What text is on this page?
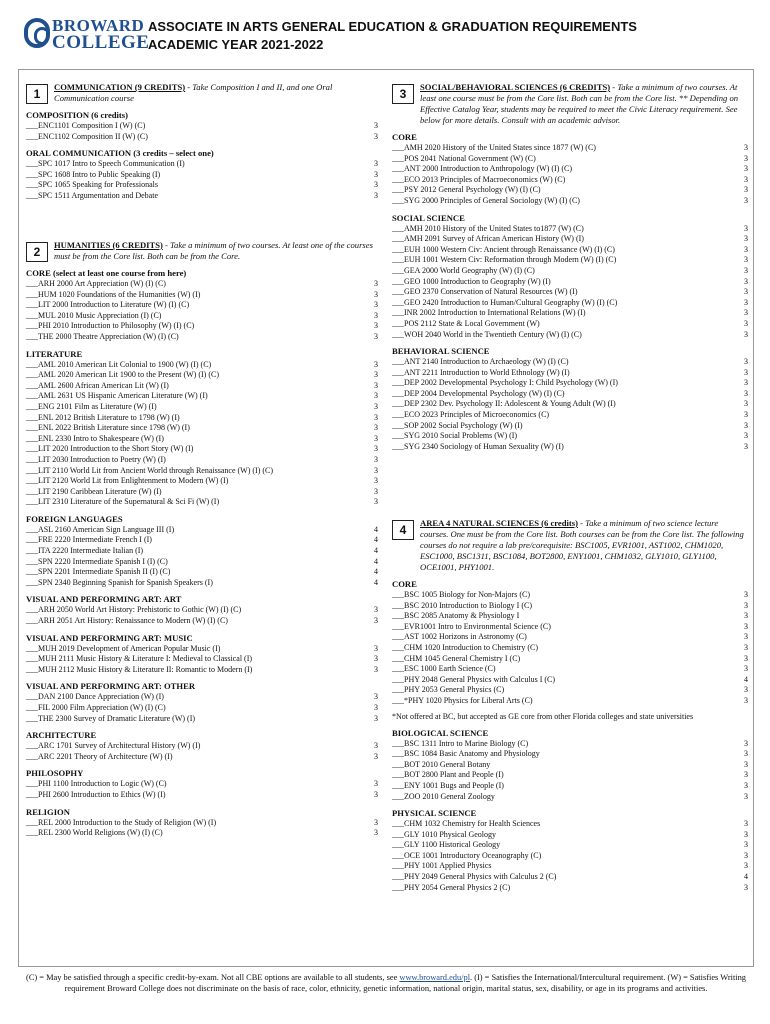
BROWARD
COLLEGE
ASSOCIATE IN ARTS GENERAL EDUCATION & GRADUATION REQUIREMENTS
ACADEMIC YEAR 2021-2022
1	COMMUNICATION (9 CREDITS) - Take Composition I and II, and one Oral Communication course
COMPOSITION (6 credits)
___ENC1101 Composition I (W) (C)	3
___ENC1102 Composition II (W) (C)	3
ORAL COMMUNICATION (3 credits – select one)
___SPC 1017 Intro to Speech Communication (I)	3
___SPC 1608 Intro to Public Speaking (I)	3
___SPC 1065 Speaking for Professionals	3
___SPC 1511 Argumentation and Debate	3
2	HUMANITIES (6 CREDITS) - Take a minimum of two courses. At least one of the courses must be from the Core list. Both can be from the Core.
CORE (select at least one course from here)
___ARH 2000 Art Appreciation (W) (I) (C)	3
___HUM 1020 Foundations of the Humanities (W) (I)	3
___LIT 2000 Introduction to Literature (W) (I) (C)	3
___MUL 2010 Music Appreciation (I) (C)	3
___PHI 2010 Introduction to Philosophy (W) (I) (C)	3
___THE 2000 Theatre Appreciation (W) (I) (C)	3
LITERATURE
___AML 2010 American Lit Colonial to 1900 (W) (I) (C)	3
___AML 2020 American Lit 1900 to the Present (W) (I) (C)	3
___AML 2600 African American Lit (W) (I)	3
___AML 2631 US Hispanic American Literature (W) (I)	3
___ENG 2101 Film as Literature (W) (I)	3
___ENL 2012 British Literature to 1798 (W) (I)	3
___ENL 2022 British Literature since 1798 (W) (I)	3
___ENL 2330 Intro to Shakespeare (W) (I)	3
___LIT 2020 Introduction to the Short Story (W) (I)	3
___LIT 2030 Introduction to Poetry (W) (I)	3
___LIT 2110 World Lit from Ancient World through Renaissance (W) (I) (C)	3
___LIT 2120 World Lit from Enlightenment to Modern (W) (I)	3
___LIT 2190 Caribbean Literature (W) (I)	3
___LIT 2310 Literature of the Supernatural & Sci Fi (W) (I)	3
FOREIGN LANGUAGES
___ASL 2160 American Sign Language III (I)	4
___FRE 2220 Intermediate French I (I)	4
___ITA 2220 Intermediate Italian (I)	4
___SPN 2220 Intermediate Spanish I (I) (C)	4
___SPN 2201 Intermediate Spanish II (I) (C)	4
___SPN 2340 Beginning Spanish for Spanish Speakers (I)	4
VISUAL AND PERFORMING ART: ART
___ARH 2050 World Art History: Prehistoric to Gothic (W) (I) (C)	3
___ARH 2051 Art History: Renaissance to Modern (W) (I) (C)	3
VISUAL AND PERFORMING ART: MUSIC
___MUH 2019 Development of American Popular Music (I)	3
___MUH 2111 Music History & Literature I: Medieval to Classical (I)	3
___MUH 2112 Music History & Literature II: Romantic to Modern (I)	3
VISUAL AND PERFORMING ART: OTHER
___DAN 2100 Dance Appreciation (W) (I)	3
___FIL 2000 Film Appreciation (W) (I) (C)	3
___THE 2300 Survey of Dramatic Literature (W) (I)	3
ARCHITECTURE
___ARC 1701 Survey of Architectural History (W) (I)	3
___ARC 2201 Theory of Architecture (W) (I)	3
PHILOSOPHY
___PHI 1100 Introduction to Logic (W) (C)	3
___PHI 2600 Introduction to Ethics (W) (I)	3
RELIGION
___REL 2000 Introduction to the Study of Religion (W) (I)	3
___REL 2300 World Religions (W) (I) (C)	3
3	SOCIAL/BEHAVIORAL SCIENCES (6 CREDITS) - Take a minimum of two courses. At least one course must be from the Core list. Both can be from the Core list. ** Depending on Effective Catalog Year, students may be required to meet the Civic Literacy requirement. See below for more details. Consult with an academic advisor.
CORE
___AMH 2020 History of the United States since 1877 (W) (C)	3
___POS 2041 National Government (W) (C)	3
___ANT 2000 Introduction to Anthropology (W) (I) (C)	3
___ECO 2013 Principles of Macroeconomics (W) (C)	3
___PSY 2012 General Psychology (W) (I) (C)	3
___SYG 2000 Principles of General Sociology (W) (I) (C)	3
SOCIAL SCIENCE
___AMH 2010 History of the United States to1877 (W) (C)	3
___AMH 2091 Survey of African American History (W) (I)	3
___EUH 1000 Western Civ: Ancient through Renaissance (W) (I) (C)	3
___EUH 1001 Western Civ: Reformation through Modern (W) (I) (C)	3
___GEA 2000 World Geography (W) (I) (C)	3
___GEO 1000 Introduction to Geography (W) (I)	3
___GEO 2370 Conservation of Natural Resources (W) (I)	3
___GEO 2420 Introduction to Human/Cultural Geography (W) (I) (C)	3
___INR 2002 Introduction to International Relations (W) (I)	3
___POS 2112 State & Local Government (W)	3
___WOH 2040 World in the Twentieth Century (W) (I) (C)	3
BEHAVIORAL SCIENCE
___ANT 2140 Introduction to Archaeology (W) (I) (C)	3
___ANT 2211 Introduction to World Ethnology (W) (I)	3
___DEP 2002 Developmental Psychology I: Child Psychology (W) (I)	3
___DEP 2004 Developmental Psychology (W) (I) (C)	3
___DEP 2302 Dev. Psychology II: Adolescent & Young Adult (W) (I)	3
___ECO 2023 Principles of Microeconomics (C)	3
___SOP 2002 Social Psychology (W) (I)	3
___SYG 2010 Social Problems (W) (I)	3
___SYG 2340 Sociology of Human Sexuality (W) (I)	3
4	AREA 4 NATURAL SCIENCES (6 credits) - Take a minimum of two science lecture courses. One must be from the Core list. Both courses can be from the Core list. The following courses do not require a lab pre/corequisite: BSC1005, EVR1001, AST1002, CHM1020, ESC1000, BSC1311, BSC1084, BOT2800, ENY1001, CHM1032, GLY1010, GLY1100, OCE1001, PHY1001.
CORE
___BSC 1005 Biology for Non-Majors (C)	3
___BSC 2010 Introduction to Biology I (C)	3
___BSC 2085 Anatomy & Physiology I	3
___EVR1001 Intro to Environmental Science (C)	3
___AST 1002 Horizons in Astronomy (C)	3
___CHM 1020 Introduction to Chemistry (C)	3
___CHM 1045 General Chemistry I (C)	3
___ESC 1000 Earth Science (C)	3
___PHY 2048 General Physics with Calculus I (C)	4
___PHY 2053 General Physics (C)	3
___*PHY 1020 Physics for Liberal Arts (C)	3
*Not offered at BC, but accepted as GE core from other Florida colleges and state universities
BIOLOGICAL SCIENCE
___BSC 1311 Intro to Marine Biology (C)	3
___BSC 1084 Basic Anatomy and Physiology	3
___BOT 2010 General Botany	3
___BOT 2800 Plant and People (I)	3
___ENY 1001 Bugs and People (I)	3
___ZOO 2010 General Zoology	3
PHYSICAL SCIENCE
___CHM 1032 Chemistry for Health Sciences	3
___GLY 1010 Physical Geology	3
___GLY 1100 Historical Geology	3
___OCE 1001 Introductory Oceanography (C)	3
___PHY 1001 Applied Physics	3
___PHY 2049 General Physics with Calculus 2 (C)	4
___PHY 2054 General Physics 2 (C)	3
(C) = May be satisfied through a specific credit-by-exam. Not all CBE options are available to all students, see www.broward.edu/pl. (I) = Satisfies the International/Intercultural requirement. (W) = Satisfies Writing requirement Broward College does not discriminate on the basis of race, color, ethnicity, genetic information, national origin, marital status, sex, disability, or age in its programs and activities.
